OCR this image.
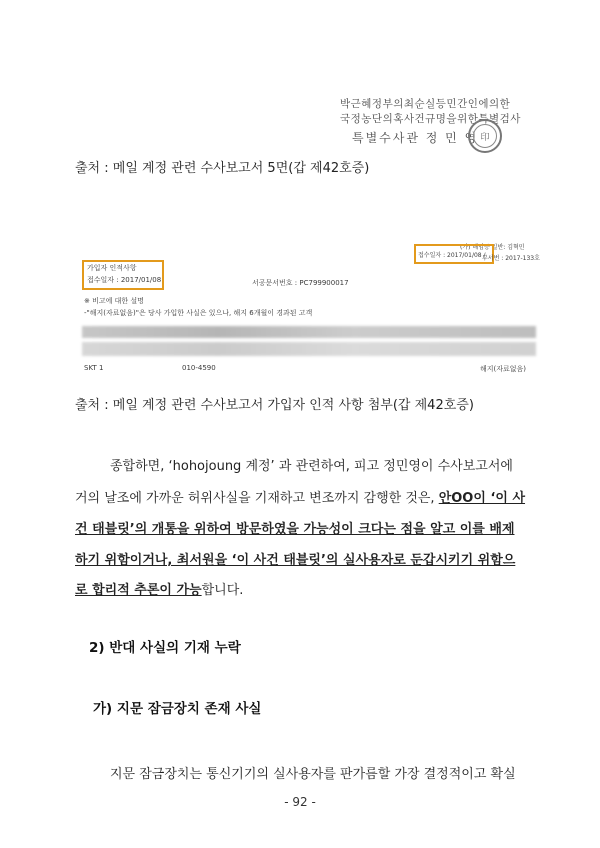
박근혜정부의최순실등민간인에의한
국정농단의혹사건규명을위한특별검사
특별수사관 정 민 영 印
출처 : 메일 계정 관련 수사보고서 5면(갑 제42호증)
가입자 인적사항
접수일자 : 2017/01/08	서공문서번호 : PC799900017
(가) 해임등 일반: 김혁민
접수일자 : 2017/01/08 /
부서번 : 2017-133호
※ 비고에 대한 설명
-"해지(자료없음)"은 당사 가입한 사실은 있으나, 해지 6개월이 경과된 고객
SKT 1	010-4590	해지(자료없음)
출처 : 메일 계정 관련 수사보고서 가입자 인적 사항 첨부(갑 제42호증)
종합하면, ‘hohojoung 계정’ 과 관련하여, 피고 정민영이 수사보고서에
거의 날조에 가까운 허위사실을 기재하고 변조까지 감행한 것은, 안OO이 ‘이 사
건 태블릿’의 개통을 위하여 방문하였을 가능성이 크다는 점을 알고 이를 배제
하기 위함이거나, 최서원을 ‘이 사건 태블릿’의 실사용자로 둔갑시키기 위함으
로 합리적 추론이 가능합니다.
2) 반대 사실의 기재 누락
가) 지문 잠금장치 존재 사실
지문 잠금장치는 통신기기의 실사용자를 판가름할 가장 결정적이고 확실
- 92 -
